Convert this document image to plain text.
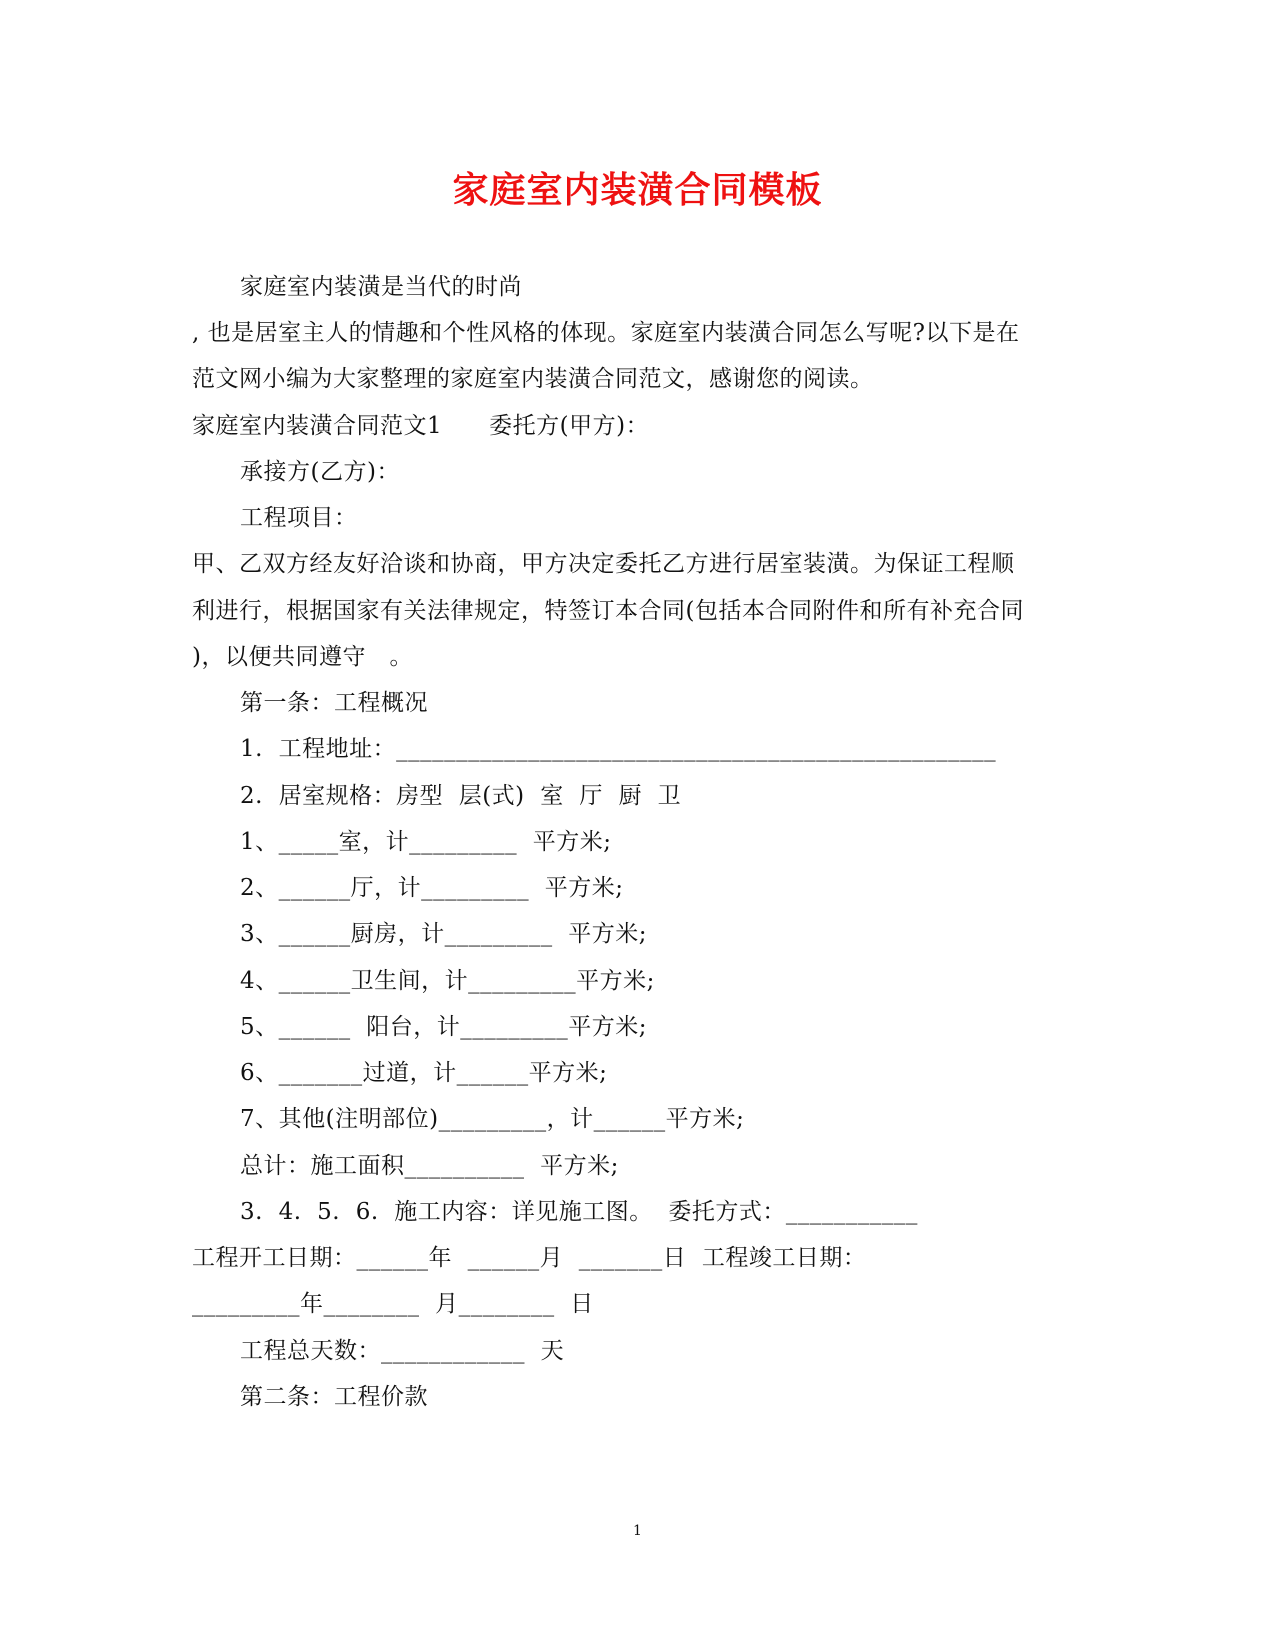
家庭室内装潢合同模板
家庭室内装潢是当代的时尚
, 也是居室主人的情趣和个性风格的体现。家庭室内装潢合同怎么写呢?以下是在
范文网小编为大家整理的家庭室内装潢合同范文，感谢您的阅读。
家庭室内装潢合同范文1　　委托方(甲方)：
承接方(乙方)：
工程项目：
甲、乙双方经友好洽谈和协商，甲方决定委托乙方进行居室装潢。为保证工程顺
利进行，根据国家有关法律规定，特签订本合同(包括本合同附件和所有补充合同
)，以便共同遵守　。
第一条：工程概况
1.  工程地址：__________________________________________________
2.  居室规格：房型  层(式)  室  厅  厨  卫
1、_____室，计_________  平方米;
2、______厅，计_________  平方米;
3、______厨房，计_________  平方米;
4、______卫生间，计_________平方米;
5、______  阳台，计_________平方米;
6、_______过道，计______平方米;
7、其他(注明部位)_________，计______平方米;
总计：施工面积__________  平方米;
3.  4.  5.  6.  施工内容：详见施工图。  委托方式：___________
工程开工日期：______年  ______月  _______日  工程竣工日期：
_________年________  月________  日
工程总天数：____________  天
第二条：工程价款
1
